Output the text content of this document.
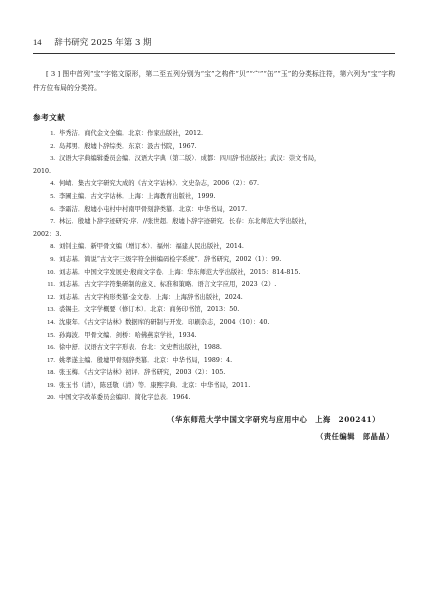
14 辞书研究 2025 年第 3 期

[ 3 ] 图中首列“宝”字铭文原形，第二至五列分别为“宝”之构件“贝”“宀”“缶”“玉”的分类标注符，第六列为“宝”字构件方位布局的分类符。

参考文献
1. 毕秀洁．商代金文全编．北京：作家出版社，2012.
2. 岛邦男．殷墟卜辞综类．东京：汲古书院，1967.
3. 汉语大字典编辑委员会编．汉语大字典（第二版）．成都：四川辞书出版社；武汉：崇文书局，
2010.
4. 何崝．集古文字研究大成的《古文字诂林》．文史杂志，2006（2）：67.
5. 李圃主编．古文字诂林．上海：上海教育出版社，1999.
6. 李霜洁．殷墟小屯村中村南甲骨刻辞类纂．北京：中华书局，2017.
7. 林沄．殷墟卜辞字迹研究·序．//张世超．殷墟卜辞字迹研究．长春：东北师范大学出版社，
2002：3.
8. 刘钊主编．新甲骨文编（增订本）．福州：福建人民出版社，2014.
9. 刘志基．简说“古文字三级字符全拼编码检字系统”．辞书研究，2002（1）：99.
10. 刘志基．中国文字发展史·殷商文字卷．上海：华东师范大学出版社，2015：814-815.
11. 刘志基．古文字字符集研制的意义、标准和策略．语言文字应用，2023（2）.
12. 刘志基．古文字构形类纂·金文卷．上海：上海辞书出版社，2024.
13. 裘锡圭．文字学概要（修订本）．北京：商务印书馆，2013：50.
14. 沈康年．《古文字诂林》数据库的研制与开发．印刷杂志，2004（10）：40.
15. 孙海波．甲骨文编．剑桥：哈佛燕京学社，1934.
16. 徐中舒．汉语古文字字形表．台北：文史哲出版社，1988.
17. 姚孝遂主编．殷墟甲骨刻辞类纂．北京：中华书局，1989：4.
18. 张玉梅．《古文字诂林》初评．辞书研究，2003（2）：105.
19. 张玉书（清），陈廷敬（清）等．康熙字典．北京：中华书局，2011.
20. 中国文字改革委员会编印．简化字总表．1964.
（华东师范大学中国文字研究与应用中心　上海　200241）
（责任编辑　郎晶晶）
